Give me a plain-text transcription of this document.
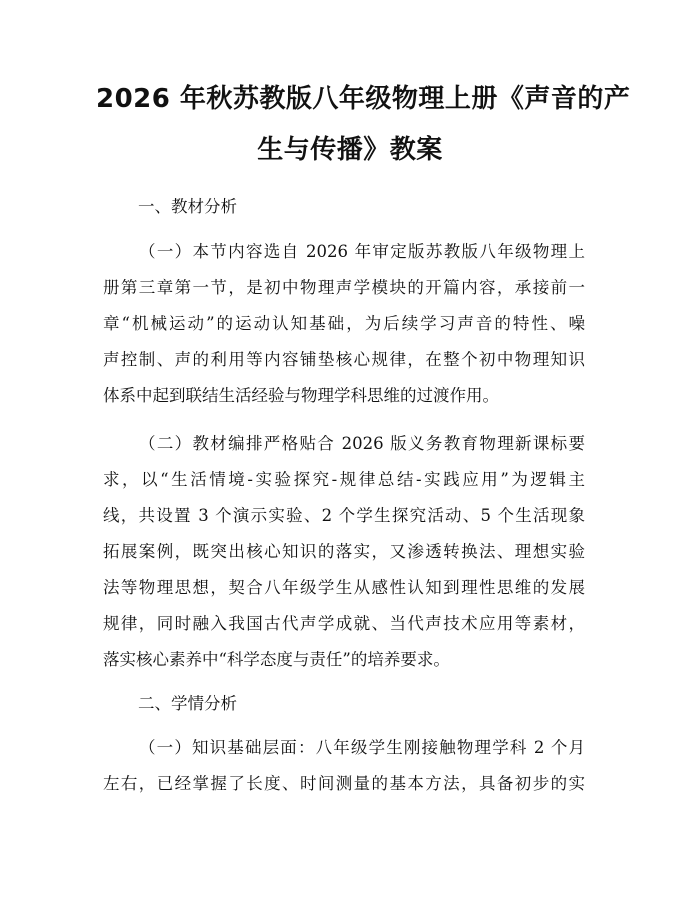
2026 年秋苏教版八年级物理上册《声音的产
生与传播》教案

一、教材分析

（一）本节内容选自 2026 年审定版苏教版八年级物理上

册第三章第一节，是初中物理声学模块的开篇内容，承接前一

章“机械运动”的运动认知基础，为后续学习声音的特性、噪

声控制、声的利用等内容铺垫核心规律，在整个初中物理知识

体系中起到联结生活经验与物理学科思维的过渡作用。

（二）教材编排严格贴合 2026 版义务教育物理新课标要

求，以“生活情境-实验探究-规律总结-实践应用”为逻辑主

线，共设置 3 个演示实验、2 个学生探究活动、5 个生活现象

拓展案例，既突出核心知识的落实，又渗透转换法、理想实验

法等物理思想，契合八年级学生从感性认知到理性思维的发展

规律，同时融入我国古代声学成就、当代声技术应用等素材，

落实核心素养中“科学态度与责任”的培养要求。

二、学情分析

（一）知识基础层面：八年级学生刚接触物理学科 2 个月

左右，已经掌握了长度、时间测量的基本方法，具备初步的实
